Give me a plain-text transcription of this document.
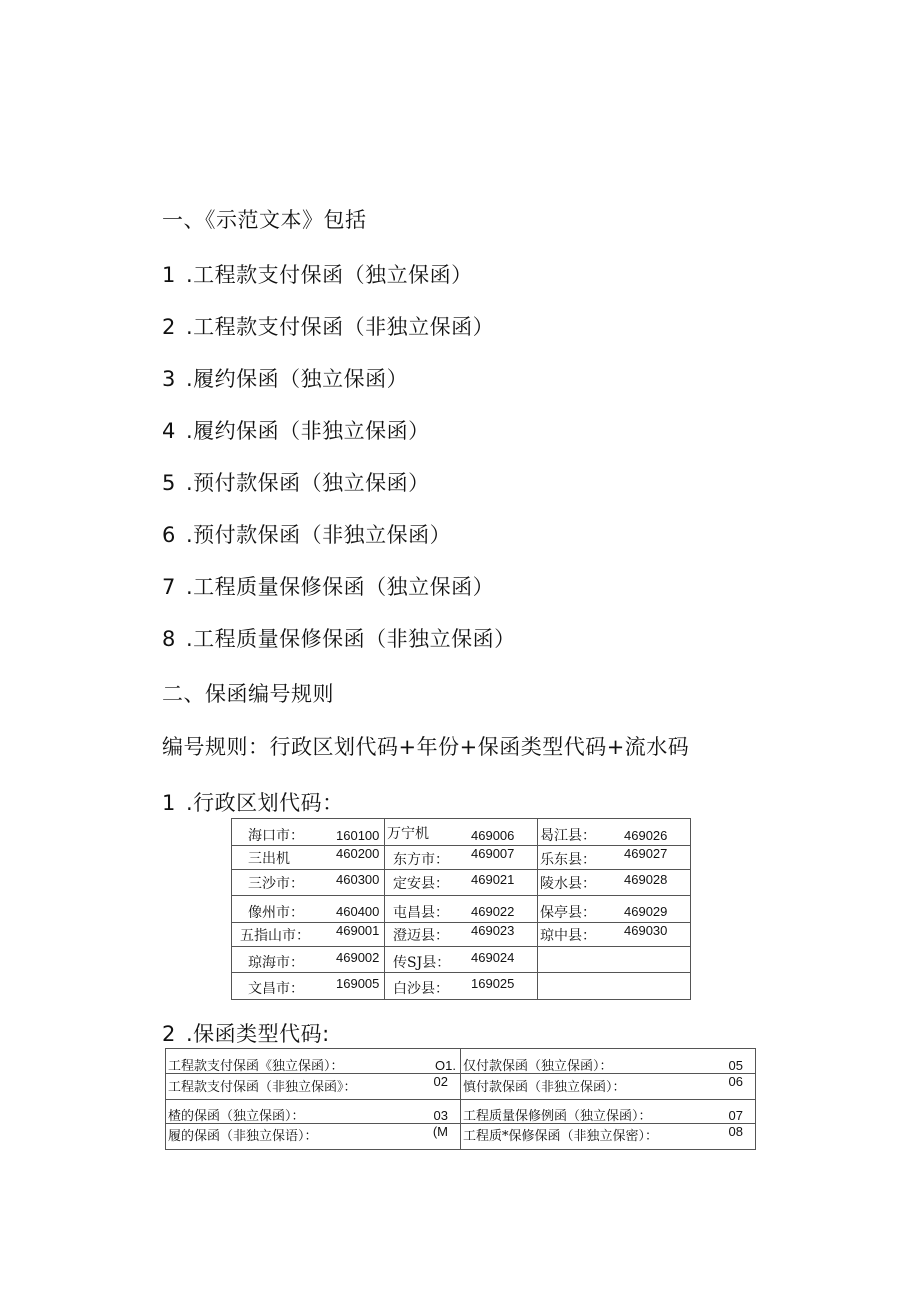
一、《示范文本》包括
1 .工程款支付保函（独立保函）
2 .工程款支付保函（非独立保函）
3 .履约保函（独立保函）
4 .履约保函（非独立保函）
5 .预付款保函（独立保函）
6 .预付款保函（非独立保函）
7 .工程质量保修保函（独立保函）
8 .工程质量保修保函（非独立保函）
二、保函编号规则
编号规则：行政区划代码+年份+保函类型代码+流水码
1 .行政区划代码：
海口市： 160100	万宁机 469006	曷江县： 469026

三出机 460200	东方市： 469007	乐东县： 469027

三沙市： 460300	定安县： 469021	陵水县： 469028

像州市： 460400	屯昌县： 469022	保亭县： 469029

五指山市： 469001	澄迈县： 469023	琼中县： 469030

琼海市： 469002	传SJ县： 469024	

文昌市： 169005	白沙县： 169025	

2 .保函类型代码:
工程款支付保函《独立保函）： O1.	仅付款保函（独立保函）： 05

工程款支付保函（非独立保函》： 02	慎付款保函（非独立保函）： 06

楂的保函（独立保函）： 03	工程质量保修例函（独立保函）： 07

履的保函（非独立保语）： (M	工程质*保修保函（非独立保密）： 08
